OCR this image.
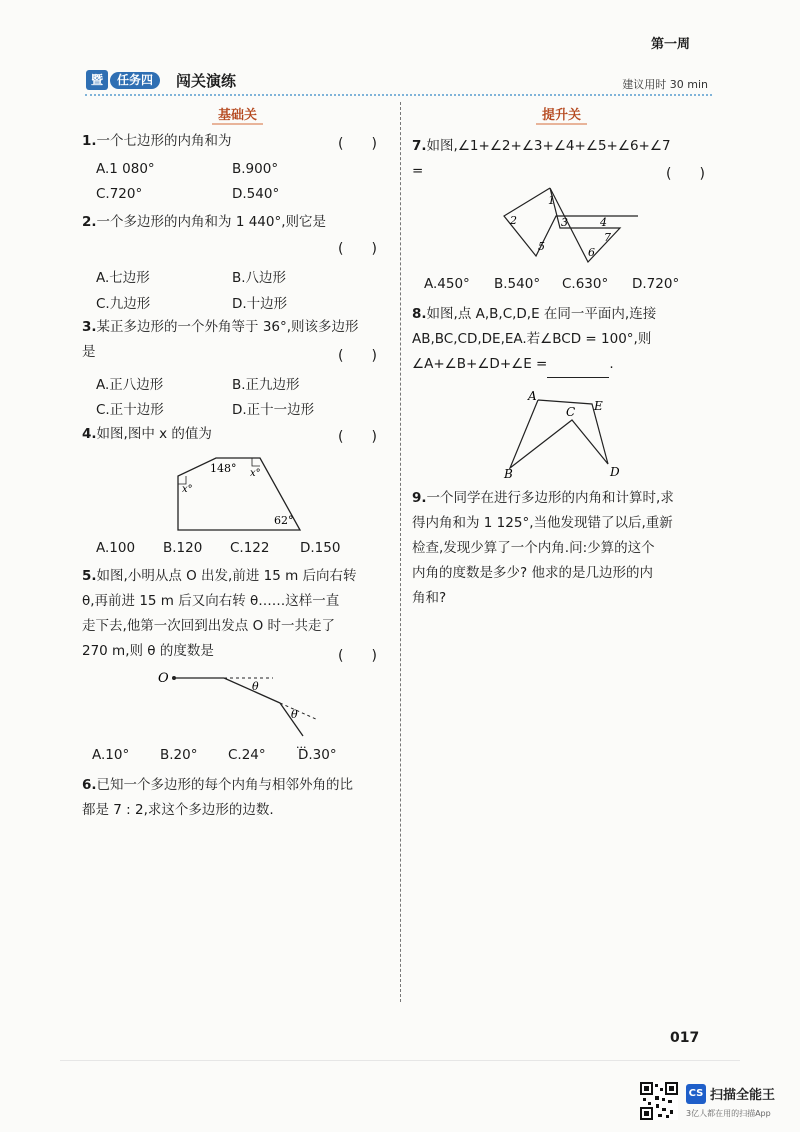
第一周
暨	任务四	闯关演练	建议用时 30 min
基础关	提升关
1.一个七边形的内角和为	(　　)
A.1 080°	B.900°
C.720°	D.540°
2.一个多边形的内角和为 1 440°,则它是
(　　)
A.七边形	B.八边形
C.九边形	D.十边形
3.某正多边形的一个外角等于 36°,则该多边形
是	(　　)
A.正八边形	B.正九边形
C.正十边形	D.正十一边形
4.如图,图中 x 的值为	(　　)
148°
x°
x°
62°
A.100 B.120 C.122 D.150
5.如图,小明从点 O 出发,前进 15 m 后向右转
θ,再前进 15 m 后又向右转 θ……这样一直
走下去,他第一次回到出发点 O 时一共走了
270 m,则 θ 的度数是	(　　)
O
θ
θ
...
A.10° B.20° C.24° D.30°
6.已知一个多边形的每个内角与相邻外角的比
都是 7 : 2,求这个多边形的边数.
7.如图,∠1+∠2+∠3+∠4+∠5+∠6+∠7
=	(　　)
1
2	3	4
5	6
7
A.450° B.540° C.630° D.720°
8.如图,点 A,B,C,D,E 在同一平面内,连接
AB,BC,CD,DE,EA.若∠BCD = 100°,则
∠A+∠B+∠D+∠E =	.
A
B
C
D
E
9.一个同学在进行多边形的内角和计算时,求
得内角和为 1 125°,当他发现错了以后,重新
检查,发现少算了一个内角.问:少算的这个
内角的度数是多少? 他求的是几边形的内
角和?
017
CS 扫描全能王
3亿人都在用的扫描App
